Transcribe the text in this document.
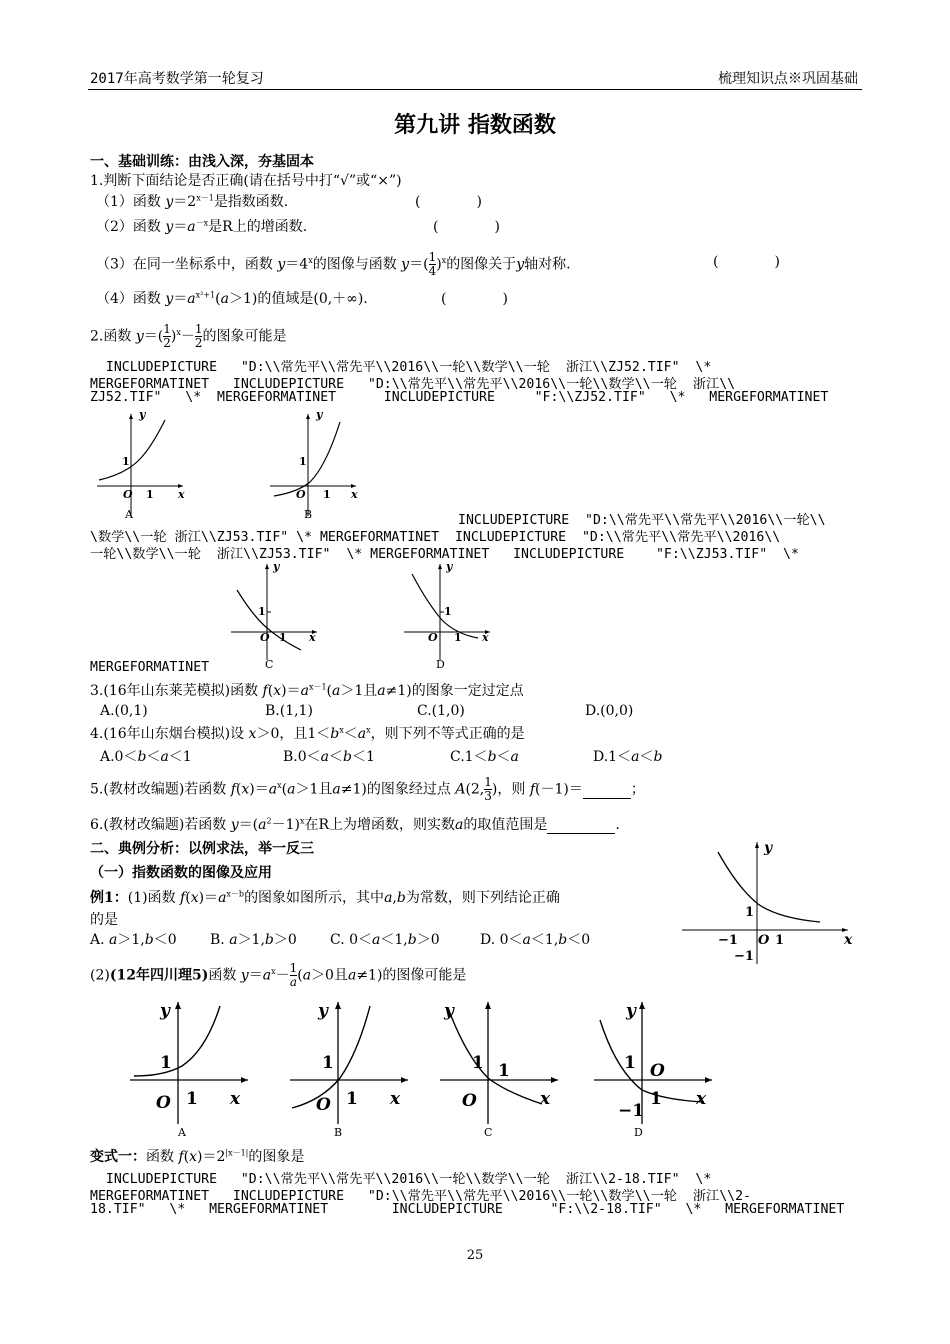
2017年高考数学第一轮复习	梳理知识点※巩固基础
第九讲 指数函数
一、基础训练：由浅入深，夯基固本
1.判断下面结论是否正确(请在括号中打“√”或“×”)
（1）函数 $y=2^{x-1}$是指数函数.	(　　　　)
（2）函数 $y=a^{-x}$是R上的增函数.	(　　　　)
（3）在同一坐标系中，函数 $y=4^x$的图像与函数 y＝(1

4 )$^x$的图像关于y轴对称.	(　　　　)
（4）函数 $y=a^{x^2+1}(a>1)$的值域是(0,＋∞).	(　　　　)
2.函数 y＝(1

2 )$^x$－1

2 的图象可能是
INCLUDEPICTURE   "D:\\常先平\\常先平\\2016\\一轮\\数学\\一轮  浙江\\ZJ52.TIF"  \*
MERGEFORMATINET   INCLUDEPICTURE   "D:\\常先平\\常先平\\2016\\一轮\\数学\\一轮  浙江\\
ZJ52.TIF"   \*  MERGEFORMATINET      INCLUDEPICTURE     "F:\\ZJ52.TIF"   \*   MERGEFORMATINET
y
x
O 1
1
A
y
x
O 1
1
B	INCLUDEPICTURE  "D:\\常先平\\常先平\\2016\\一轮\\
\数学\\一轮 浙江\\ZJ53.TIF" \* MERGEFORMATINET  INCLUDEPICTURE  "D:\\常先平\\常先平\\2016\\
一轮\\数学\\一轮  浙江\\ZJ53.TIF"  \* MERGEFORMATINET   INCLUDEPICTURE    "F:\\ZJ53.TIF"  \*
y
x
O 1
1
C
y
x
O 1
1
D
MERGEFORMATINET
3.(16年山东莱芜模拟)函数 $f(x)=a^{x-1}(a>1$且a≠1)的图象一定过定点
A.(0,1)	B.(1,1)	C.(1,0)	D.(0,0)
4.(16年山东烟台模拟)设 x＞0，且$1<b^x<a^x$，则下列不等式正确的是
A.0＜b＜a＜1	B.0＜a＜b＜1	C.1＜b＜a	D.1＜a＜b
5.(教材改编题)若函数 $f(x)=a^x(a>1$且a≠1)的图象经过点 A(2,1

3 )，则 f(－1)＝	；
6.(教材改编题)若函数 $y=(a^2-1)^x$在R上为增函数，则实数a的取值范围是	.
二、典例分析：以例求法，举一反三
（一）指数函数的图像及应用
例1：(1)函数 $f(x)=a^{x-b}$的图象如图所示，其中a,b为常数，则下列结论正确
的是
A. a＞1,b＜0 B. a＞1,b＞0 C. 0＜a＜1,b＞0	D. 0＜a＜1,b＜0
y
x
1
−1 O 1
−1
(2)(12年四川理5)函数 $y=a^x-1$

a (a＞0且a≠1)的图像可能是
y
x
O 1
1
A
y
x
O 1
1
B
y
x
O
1
1
C
y
x
O
1
1
−1
D
变式一：函数 $f(x)=2^{|x-1|}$的图象是
INCLUDEPICTURE   "D:\\常先平\\常先平\\2016\\一轮\\数学\\一轮  浙江\\2-18.TIF"  \*
MERGEFORMATINET   INCLUDEPICTURE   "D:\\常先平\\常先平\\2016\\一轮\\数学\\一轮  浙江\\2-
18.TIF"   \*   MERGEFORMATINET        INCLUDEPICTURE      "F:\\2-18.TIF"   \*   MERGEFORMATINET
25
